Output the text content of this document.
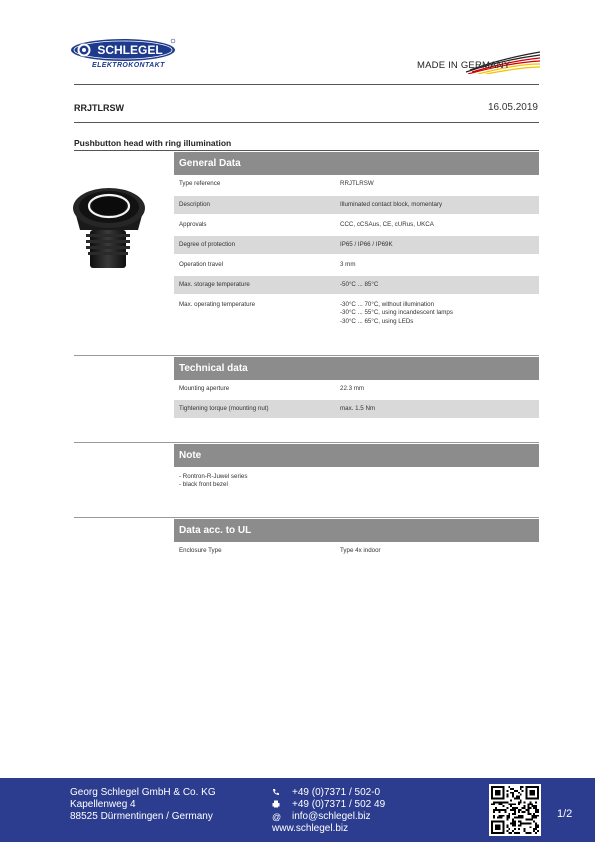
SCHLEGEL
ELEKTROKONTAKT	MADE IN GERMANY
RRJTLRSW	16.05.2019
Pushbutton head with ring illumination
General Data
Type reference	RRJTLRSW
Description	Illuminated contact block, momentary
Approvals	CCC, cCSAus, CE, cURus, UKCA
Degree of protection	IP65 / IP66 / IP69K
Operation travel	3 mm
Max. storage temperature	-50°C ... 85°C
Max. operating temperature	-30°C ... 70°C, without illumination
-30°C ... 55°C, using incandescent lamps
-30°C ... 65°C, using LEDs
Technical data
Mounting aperture	22.3 mm
Tightening torque (mounting nut)	max. 1.5 Nm
Note
- Rontron-R-Juwel series
- black front bezel
Data acc. to UL
Enclosure Type	Type 4x indoor
Georg Schlegel GmbH & Co. KG
Kapellenweg 4
88525 Dürmentingen / Germany
+49 (0)7371 / 502-0
+49 (0)7371 / 502 49
@	info@schlegel.biz
www.schlegel.biz
1/2
